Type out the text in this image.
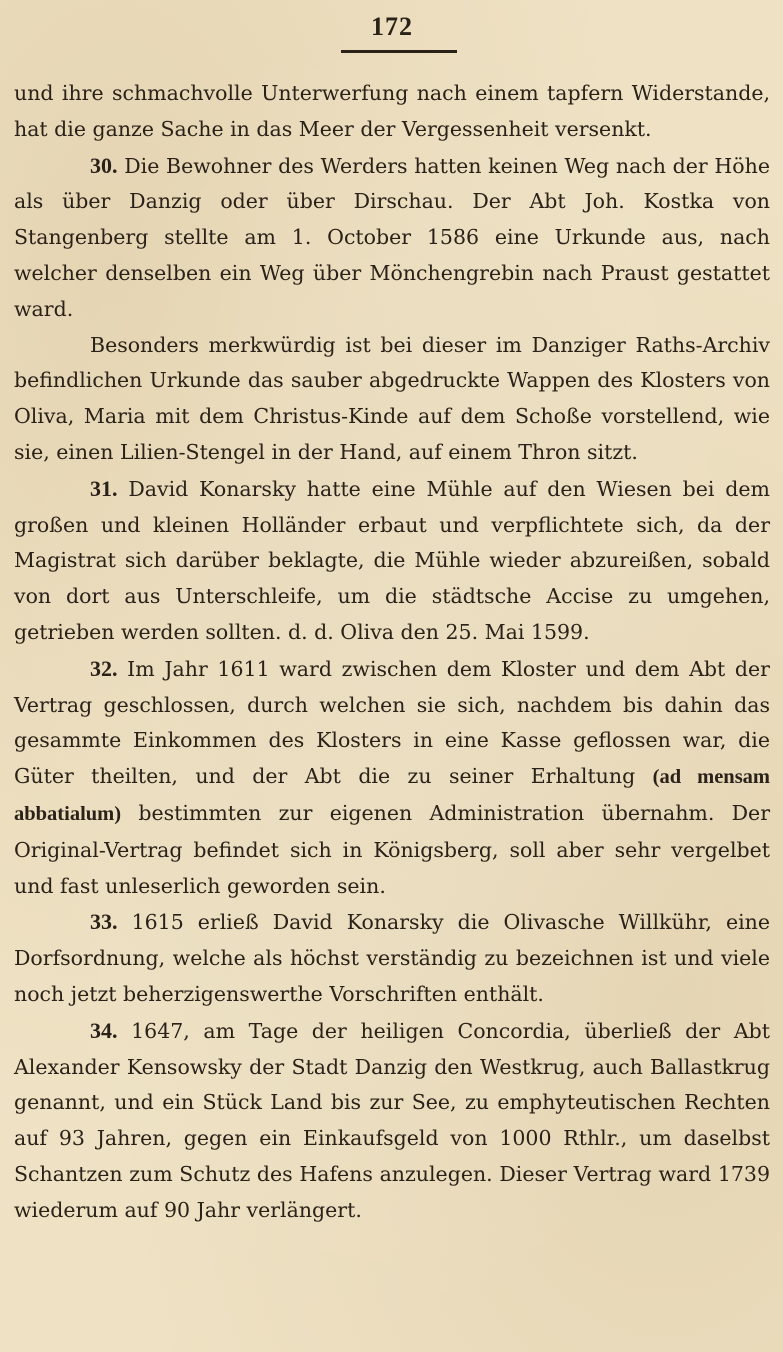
172

und ihre schmachvolle Unterwerfung nach einem tapfern Widerstande, hat die ganze Sache in das Meer der Vergessenheit versenkt.

30. Die Bewohner des Werders hatten keinen Weg nach der Höhe als über Danzig oder über Dirschau. Der Abt Joh. Kostka von Stangenberg stellte am 1. October 1586 eine Urkunde aus, nach welcher denselben ein Weg über Mönchengrebin nach Praust gestattet ward.

Besonders merkwürdig ist bei dieser im Danziger Raths-Archiv befindlichen Urkunde das sauber abgedruckte Wappen des Klosters von Oliva, Maria mit dem Christus-Kinde auf dem Schoße vorstellend, wie sie, einen Lilien-Stengel in der Hand, auf einem Thron sitzt.

31. David Konarsky hatte eine Mühle auf den Wiesen bei dem großen und kleinen Holländer erbaut und verpflichtete sich, da der Magistrat sich darüber beklagte, die Mühle wieder abzureißen, sobald von dort aus Unterschleife, um die städtsche Accise zu umgehen, getrieben werden sollten. d. d. Oliva den 25. Mai 1599.

32. Im Jahr 1611 ward zwischen dem Kloster und dem Abt der Vertrag geschlossen, durch welchen sie sich, nachdem bis dahin das gesammte Einkommen des Klosters in eine Kasse geflossen war, die Güter theilten, und der Abt die zu seiner Erhaltung (ad mensam abbatialum) bestimmten zur eigenen Administration übernahm. Der Original-Vertrag befindet sich in Königsberg, soll aber sehr vergelbet und fast unleserlich geworden sein.

33. 1615 erließ David Konarsky die Olivasche Willkühr, eine Dorfsordnung, welche als höchst verständig zu bezeichnen ist und viele noch jetzt beherzigenswerthe Vorschriften enthält.

34. 1647, am Tage der heiligen Concordia, überließ der Abt Alexander Kensowsky der Stadt Danzig den Westkrug, auch Ballastkrug genannt, und ein Stück Land bis zur See, zu emphyteutischen Rechten auf 93 Jahren, gegen ein Einkaufsgeld von 1000 Rthlr., um daselbst Schantzen zum Schutz des Hafens anzulegen. Dieser Vertrag ward 1739 wiederum auf 90 Jahr verlängert.
